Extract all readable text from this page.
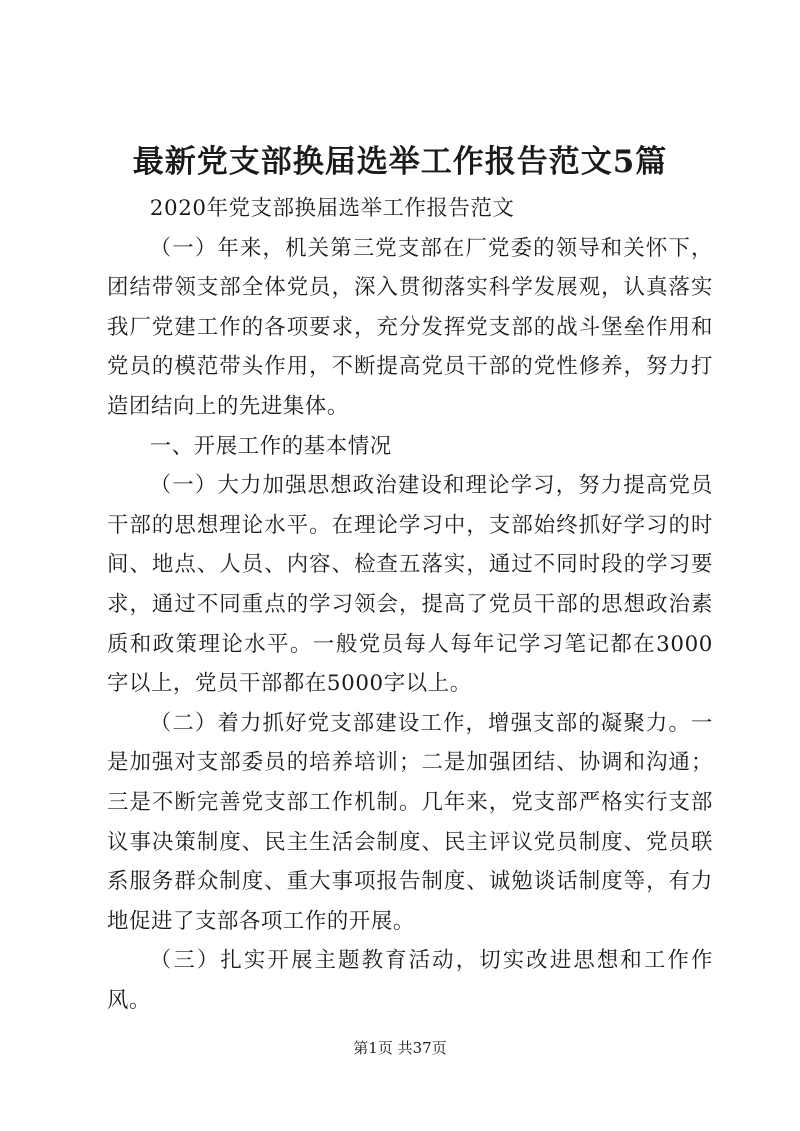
最新党支部换届选举工作报告范文5篇

2020年党支部换届选举工作报告范文

（一）年来，机关第三党支部在厂党委的领导和关怀下，团结带领支部全体党员，深入贯彻落实科学发展观，认真落实我厂党建工作的各项要求，充分发挥党支部的战斗堡垒作用和党员的模范带头作用，不断提高党员干部的党性修养，努力打造团结向上的先进集体。

一、开展工作的基本情况

（一）大力加强思想政治建设和理论学习，努力提高党员干部的思想理论水平。在理论学习中，支部始终抓好学习的时间、地点、人员、内容、检查五落实，通过不同时段的学习要求，通过不同重点的学习领会，提高了党员干部的思想政治素质和政策理论水平。一般党员每人每年记学习笔记都在3000字以上，党员干部都在5000字以上。

（二）着力抓好党支部建设工作，增强支部的凝聚力。一是加强对支部委员的培养培训；二是加强团结、协调和沟通；三是不断完善党支部工作机制。几年来，党支部严格实行支部议事决策制度、民主生活会制度、民主评议党员制度、党员联系服务群众制度、重大事项报告制度、诚勉谈话制度等，有力地促进了支部各项工作的开展。

（三）扎实开展主题教育活动，切实改进思想和工作作风。

第1页 共37页
